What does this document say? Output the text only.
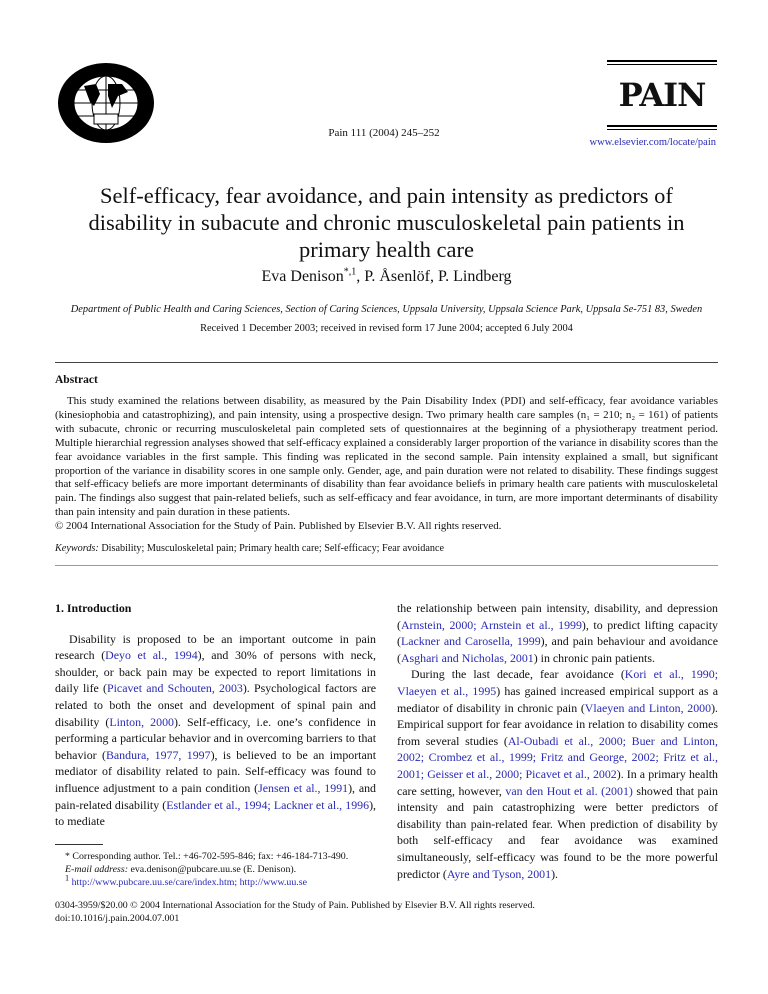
Pain 111 (2004) 245–252
PAIN
www.elsevier.com/locate/pain
Self-efficacy, fear avoidance, and pain intensity as predictors of disability in subacute and chronic musculoskeletal pain patients in primary health care
Eva Denison$^{*,1}$, P. Åsenlöf, P. Lindberg
Department of Public Health and Caring Sciences, Section of Caring Sciences, Uppsala University, Uppsala Science Park, Uppsala Se-751 83, Sweden
Received 1 December 2003; received in revised form 17 June 2004; accepted 6 July 2004
Abstract

This study examined the relations between disability, as measured by the Pain Disability Index (PDI) and self-efficacy, fear avoidance variables (kinesiophobia and catastrophizing), and pain intensity, using a prospective design. Two primary health care samples (n₁ = 210; n₂ = 161) of patients with subacute, chronic or recurring musculoskeletal pain completed sets of questionnaires at the beginning of a physiotherapy treatment period. Multiple hierarchial regression analyses showed that self-efficacy explained a considerably larger proportion of the variance in disability scores than the fear avoidance variables in the first sample. This finding was replicated in the second sample. Pain intensity explained a small, but significant proportion of the variance in disability scores in one sample only. Gender, age, and pain duration were not related to disability. These findings suggest that self-efficacy beliefs are more important determinants of disability than fear avoidance beliefs in primary health care patients with musculoskeletal pain. The findings also suggest that pain-related beliefs, such as self-efficacy and fear avoidance, in turn, are more important determinants of disability than pain intensity and pain duration in these patients.

© 2004 International Association for the Study of Pain. Published by Elsevier B.V. All rights reserved.
Keywords: Disability; Musculoskeletal pain; Primary health care; Self-efficacy; Fear avoidance
1. Introduction

Disability is proposed to be an important outcome in pain research (Deyo et al., 1994), and 30% of persons with neck, shoulder, or back pain may be expected to report limitations in daily life (Picavet and Schouten, 2003). Psychological factors are related to both the onset and development of spinal pain and disability (Linton, 2000). Self-efficacy, i.e. one’s confidence in performing a particular behavior and in overcoming barriers to that behavior (Bandura, 1977, 1997), is believed to be an important mediator of disability related to pain. Self-efficacy was found to influence adjustment to a pain condition (Jensen et al., 1991), and pain-related disability (Estlander et al., 1994; Lackner et al., 1996), to mediate

* Corresponding author. Tel.: +46-702-595-846; fax: +46-184-713-490.
E-mail address: eva.denison@pubcare.uu.se (E. Denison).
$^1$ http://www.pubcare.uu.se/care/index.htm; http://www.uu.se

the relationship between pain intensity, disability, and depression (Arnstein, 2000; Arnstein et al., 1999), to predict lifting capacity (Lackner and Carosella, 1999), and pain behaviour and avoidance (Asghari and Nicholas, 2001) in chronic pain patients.

During the last decade, fear avoidance (Kori et al., 1990; Vlaeyen et al., 1995) has gained increased empirical support as a mediator of disability in chronic pain (Vlaeyen and Linton, 2000). Empirical support for fear avoidance in relation to disability comes from several studies (Al-Oubadi et al., 2000; Buer and Linton, 2002; Crombez et al., 1999; Fritz and George, 2002; Fritz et al., 2001; Geisser et al., 2000; Picavet et al., 2002). In a primary health care setting, however, van den Hout et al. (2001) showed that pain intensity and pain catastrophizing were better predictors of disability than pain-related fear. When prediction of disability by both self-efficacy and fear avoidance was examined simultaneously, self-efficacy was found to be the more powerful predictor (Ayre and Tyson, 2001).

0304-3959/$20.00 © 2004 International Association for the Study of Pain. Published by Elsevier B.V. All rights reserved.
doi:10.1016/j.pain.2004.07.001
